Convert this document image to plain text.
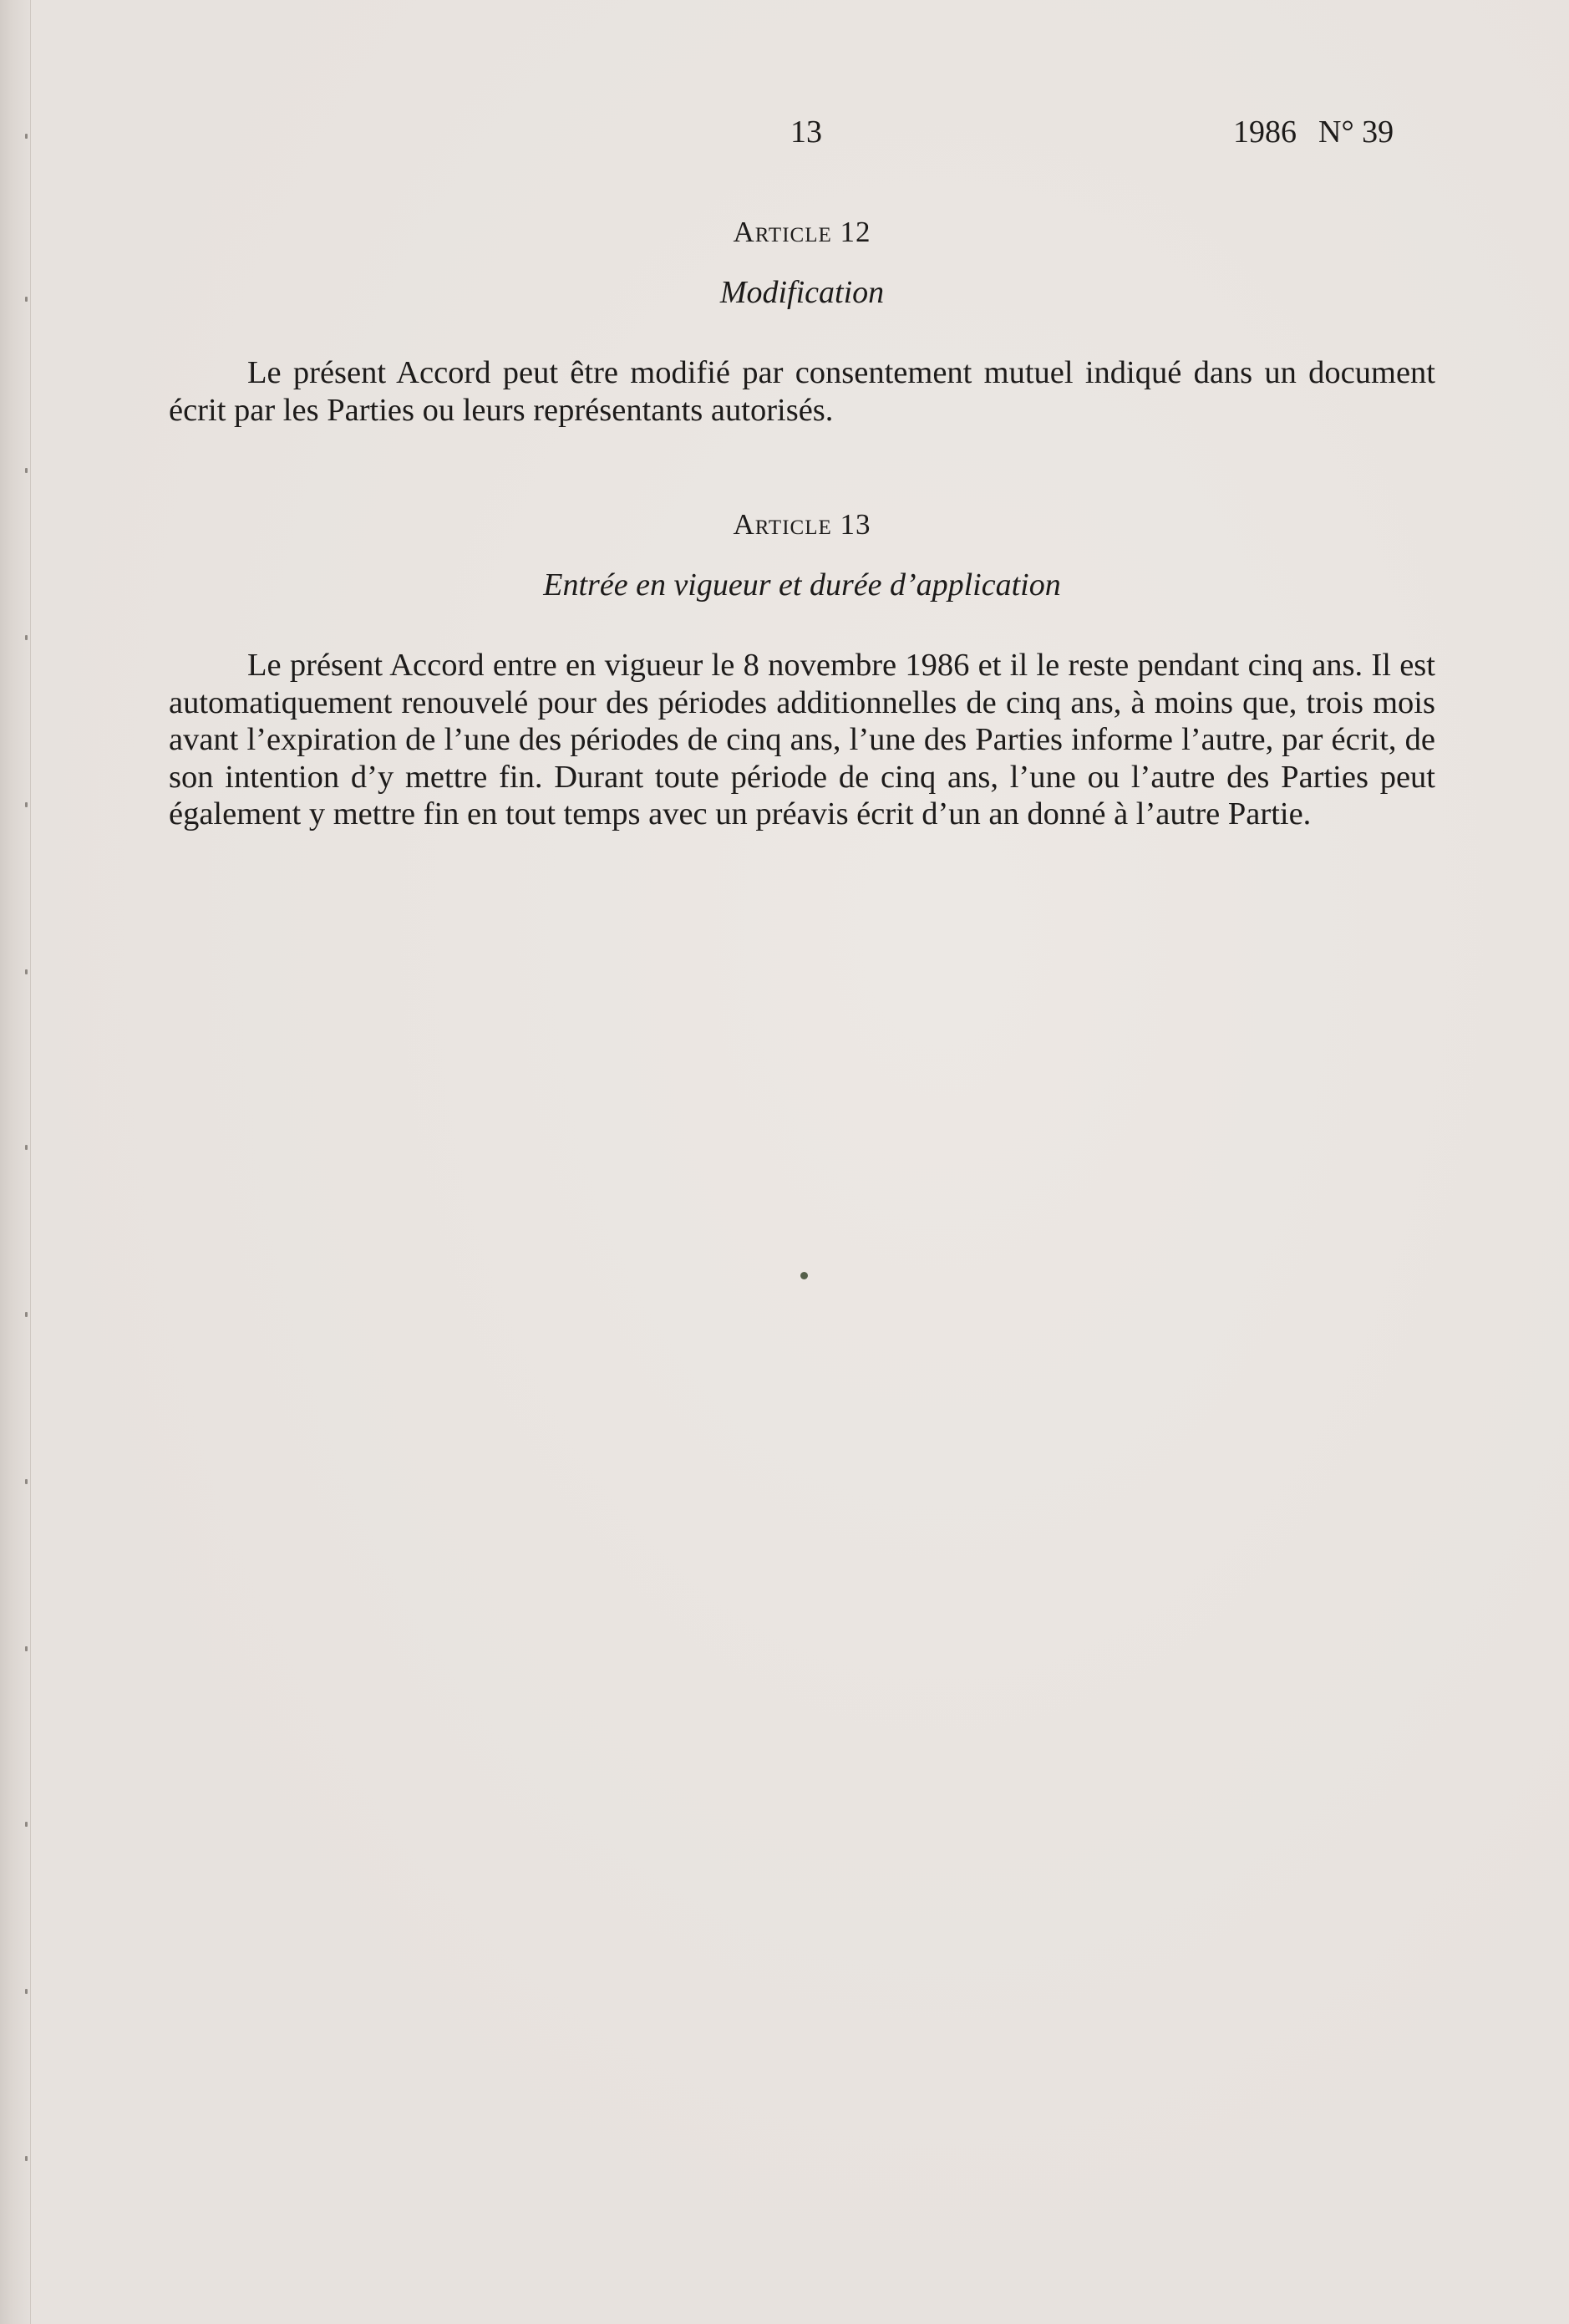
13	1986 N° 39
Article 12
Modification

Le présent Accord peut être modifié par consentement mutuel indiqué dans un document écrit par les Parties ou leurs représentants autorisés.

Article 13
Entrée en vigueur et durée d’application

Le présent Accord entre en vigueur le 8 novembre 1986 et il le reste pendant cinq ans. Il est automatiquement renouvelé pour des périodes additionnelles de cinq ans, à moins que, trois mois avant l’expiration de l’une des périodes de cinq ans, l’une des Parties informe l’autre, par écrit, de son intention d’y mettre fin. Durant toute période de cinq ans, l’une ou l’autre des Parties peut également y mettre fin en tout temps avec un préavis écrit d’un an donné à l’autre Partie.
